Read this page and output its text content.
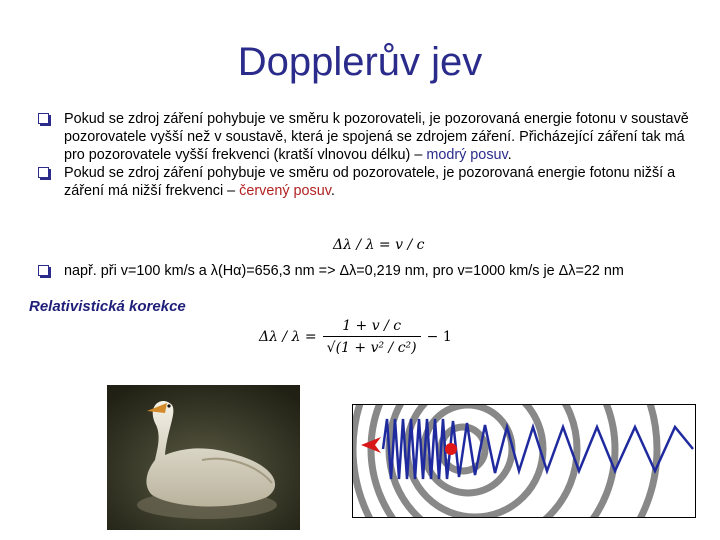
Dopplerův jev
Pokud se zdroj záření pohybuje ve směru k pozorovateli, je pozorovaná energie fotonu v soustavě pozorovatele vyšší než v soustavě, která je spojená se zdrojem záření. Přicházející záření tak má pro pozorovatele vyšší frekvenci (kratší vlnovou délku) – modrý posuv.
Pokud se zdroj záření pohybuje ve směru od pozorovatele, je pozorovaná energie fotonu nižší a záření má nižší frekvenci – červený posuv.
Δλ / λ = v / c
např. při v=100 km/s a λ(Hα)=656,3 nm => Δλ=0,219 nm, pro v=1000 km/s je Δλ=22 nm
Relativistická korekce
Δλ / λ =	1 + v / c	− 1
√(1 + v² / c²)
